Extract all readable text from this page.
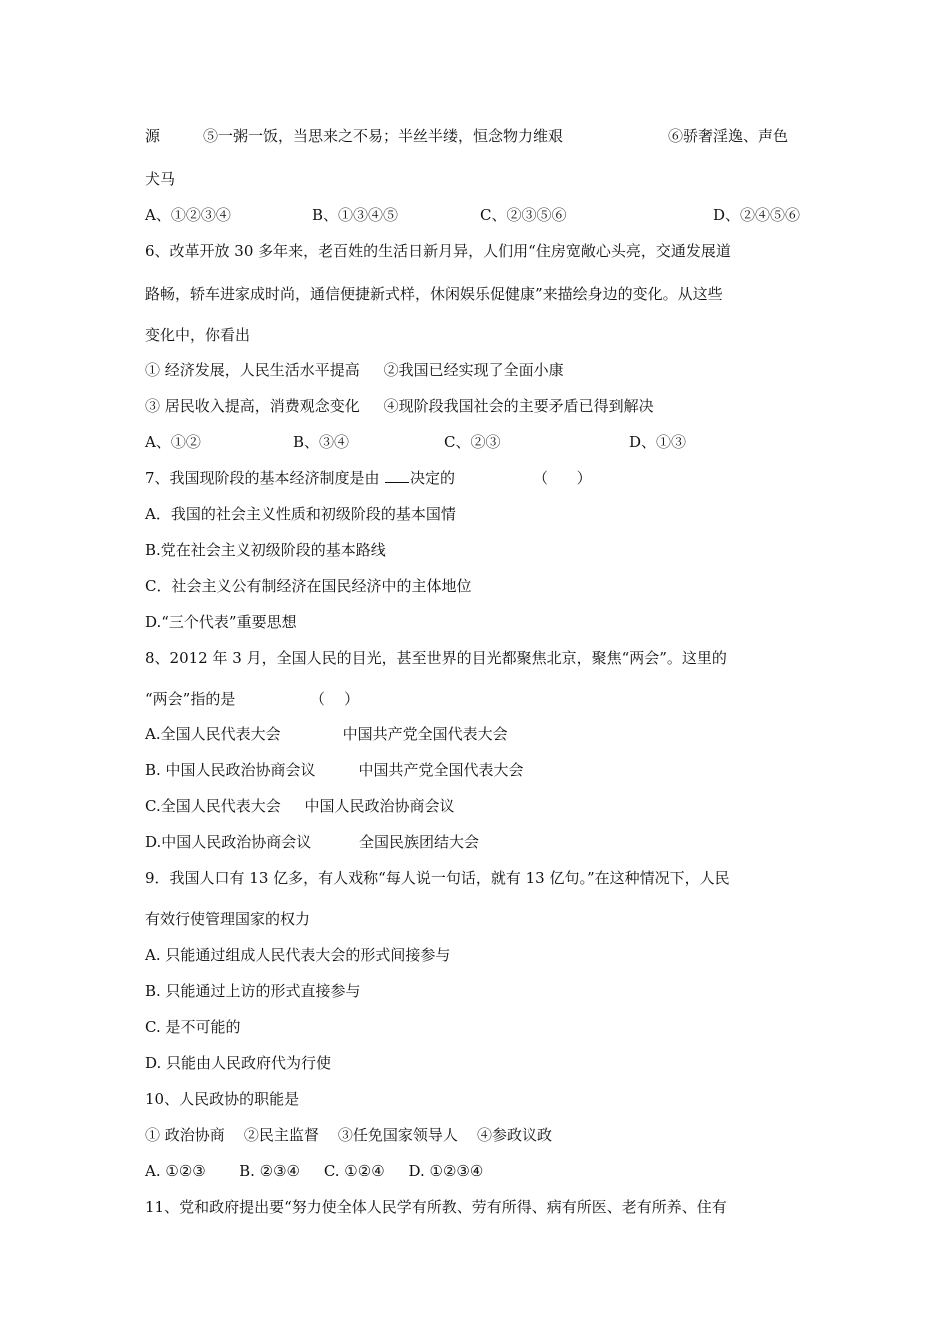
源

	⑤一粥一饭，当思来之不易；半丝半缕，恒念物力维艰

	⑥骄奢淫逸、声色

犬马

A、①②③④

	B、①③④⑤

	C、②③⑤⑥

	D、②④⑤⑥

6、改革开放 30 多年来，老百姓的生活日新月异，人们用“住房宽敞心头亮，交通发展道

路畅，轿车进家成时尚，通信便捷新式样，休闲娱乐促健康”来描绘身边的变化。从这些

变化中，你看出

① 经济发展，人民生活水平提高     ②我国已经实现了全面小康

③ 居民收入提高，消费观念变化     ④现阶段我国社会的主要矛盾已得到解决

A、①②

	B、③④

	C、②③

	D、①③

7、我国现阶段的基本经济制度是由

决定的

	（      ）

A．我国的社会主义性质和初级阶段的基本国情

B.党在社会主义初级阶段的基本路线

C．社会主义公有制经济在国民经济中的主体地位

D.“三个代表”重要思想

8、2012 年 3 月，全国人民的目光，甚至世界的目光都聚焦北京，聚焦“两会”。这里的

“两会”指的是

	（    ）

A.全国人民代表大会             中国共产党全国代表大会

B. 中国人民政治协商会议         中国共产党全国代表大会

C.全国人民代表大会     中国人民政治协商会议

D.中国人民政治协商会议          全国民族团结大会

9．我国人口有 13 亿多，有人戏称“每人说一句话，就有 13 亿句。”在这种情况下，人民

有效行使管理国家的权力

A. 只能通过组成人民代表大会的形式间接参与

B. 只能通过上访的形式直接参与

C. 是不可能的

D. 只能由人民政府代为行使

10、人民政协的职能是

① 政治协商    ②民主监督    ③任免国家领导人    ④参政议政

A. ①②③       B. ②③④     C. ①②④     D. ①②③④

11、党和政府提出要“努力使全体人民学有所教、劳有所得、病有所医、老有所养、住有
